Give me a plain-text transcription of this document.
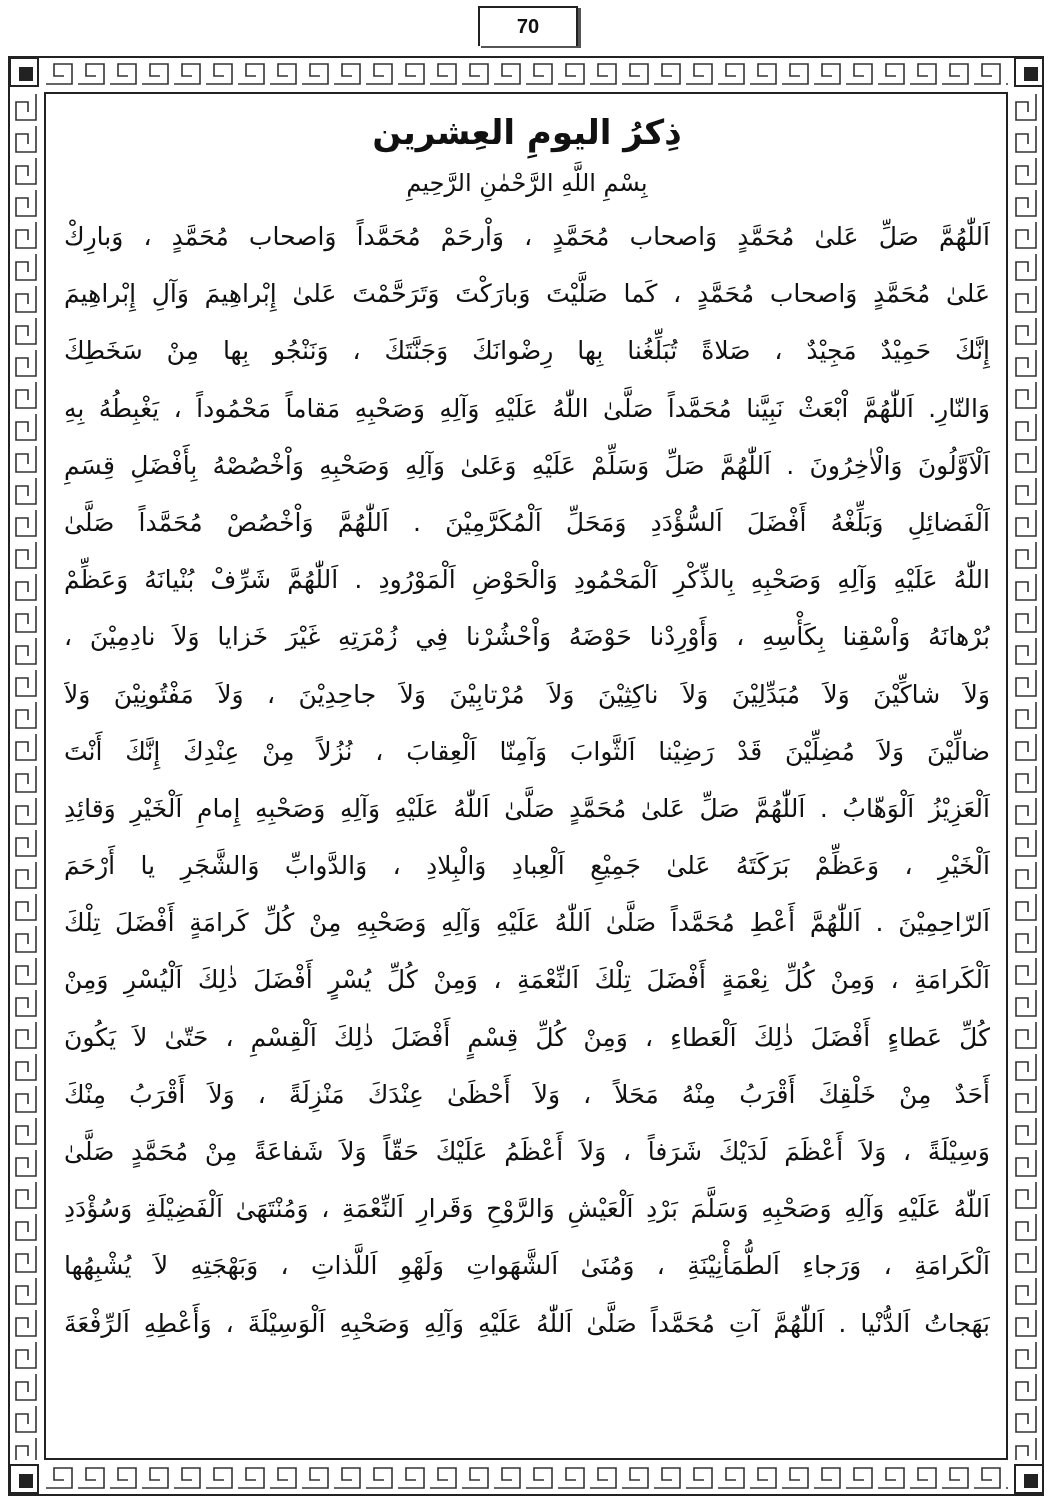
70
ذِكرُ اليومِ العِشرين
بِسْمِ اللَّهِ الرَّحْمٰنِ الرَّحِيمِ
اَللّٰهُمَّ صَلِّ عَلىٰ مُحَمَّدٍ وَاصحاب مُحَمَّدٍ ، وَاْرحَمْ مُحَمَّداً وَاصحاب مُحَمَّدٍ ، وَبارِكْ
عَلىٰ مُحَمَّدٍ وَاصحاب مُحَمَّدٍ ، كَما صَلَّيْتَ وَبارَكْتَ وَتَرَحَّمْتَ عَلىٰ إِبْراهِيمَ وَآلِ إِبْراهِيمَ
إِنَّكَ حَمِيْدٌ مَجِيْدٌ ، صَلاةً تُبَلِّغُنا بِها رِضْوانَكَ وَجَنَّتَكَ ، وَنَنْجُو بِها مِنْ سَخَطِكَ
وَالنّارِ. اَللّٰهُمَّ اْبْعَثْ نَبِيَّنا مُحَمَّداً صَلَّىٰ اللّٰهُ عَلَيْهِ وَآلِهِ وَصَحْبِهِ مَقاماً مَحْمُوداً ، يَغْبِطُهُ بِهِ
اَلْاَوَّلُونَ وَالْاٰخِرُونَ . اَللّٰهُمَّ صَلِّ وَسَلِّمْ عَلَيْهِ وَعَلىٰ وَآلِهِ وَصَحْبِهِ وَاْخْصُصْهُ بِأَفْضَلِ قِسَمِ
اَلْفَضائِلِ وَبَلِّغْهُ أَفْضَلَ اَلسُّؤْدَدِ وَمَحَلِّ اَلْمُكَرَّمِيْنَ . اَللّٰهُمَّ وَاْخْصُصْ مُحَمَّداً صَلَّىٰ
اللّٰهُ عَلَيْهِ وَآلِهِ وَصَحْبِهِ بِالذِّكْرِ اَلْمَحْمُودِ وَالْحَوْضِ اَلْمَوْرُودِ . اَللّٰهُمَّ شَرِّفْ بُنْيانَهُ وَعَظِّمْ
بُرْهانَهُ وَاْسْقِنا بِكَأْسِهِ ، وَأَوْرِدْنا حَوْضَهُ وَاْحْشُرْنا فِي زُمْرَتِهِ غَيْرَ خَزايا وَلاَ نادِمِيْنَ ،
وَلاَ شاكِّيْنَ وَلاَ مُبَدِّلِيْنَ وَلاَ ناكِثِيْنَ وَلاَ مُرْتابِيْنَ وَلاَ جاحِدِيْنَ ، وَلاَ مَفْتُونِيْنَ وَلاَ
ضالِّيْنَ وَلاَ مُضِلِّيْنَ قَدْ رَضِيْنا اَلثَّوابَ وَآمِنّا اَلْعِقابَ ، نُزُلاً مِنْ عِنْدِكَ إِنَّكَ أَنْتَ
اَلْعَزِيْزُ اَلْوَهّابُ . اَللّٰهُمَّ صَلِّ عَلىٰ مُحَمَّدٍ صَلَّىٰ اَللّٰهُ عَلَيْهِ وَآلِهِ وَصَحْبِهِ إِمامِ اَلْخَيْرِ وَقائِدِ
اَلْخَيْرِ ، وَعَظِّمْ بَرَكَتَهُ عَلىٰ جَمِيْعِ اَلْعِبادِ وَالْبِلادِ ، وَالدَّوابِّ وَالشَّجَرِ يا أَرْحَمَ
اَلرّاحِمِيْنَ . اَللّٰهُمَّ أَعْطِ مُحَمَّداً صَلَّىٰ اَللّٰهُ عَلَيْهِ وَآلِهِ وَصَحْبِهِ مِنْ كُلِّ كَرامَةٍ أَفْضَلَ تِلْكَ
اَلْكَرامَةِ ، وَمِنْ كُلِّ نِعْمَةٍ أَفْضَلَ تِلْكَ اَلنِّعْمَةِ ، وَمِنْ كُلِّ يُسْرٍ أَفْضَلَ ذٰلِكَ اَلْيُسْرِ وَمِنْ
كُلِّ عَطاءٍ أَفْضَلَ ذٰلِكَ اَلْعَطاءِ ، وَمِنْ كُلِّ قِسْمٍ أَفْضَلَ ذٰلِكَ اَلْقِسْمِ ، حَتّىٰ لاَ يَكُونَ
أَحَدٌ مِنْ خَلْقِكَ أَقْرَبُ مِنْهُ مَحَلاً ، وَلاَ أَحْظَىٰ عِنْدَكَ مَنْزِلَةً ، وَلاَ أَقْرَبُ مِنْكَ
وَسِيْلَةً ، وَلاَ أَعْظَمَ لَدَيْكَ شَرَفاً ، وَلاَ أَعْظَمُ عَلَيْكَ حَقّاً وَلاَ شَفاعَةً مِنْ مُحَمَّدٍ صَلَّىٰ
اَللّٰهُ عَلَيْهِ وَآلِهِ وَصَحْبِهِ وَسَلَّمَ بَرْدِ اَلْعَيْشِ وَالرَّوْحِ وَقَرارِ اَلنِّعْمَةِ ، وَمُنْتَهَىٰ اَلْفَضِيْلَةِ وَسُؤْدَدِ
اَلْكَرامَةِ ، وَرَجاءِ اَلطُّمَأْنِيْنَةِ ، وَمُنَىٰ اَلشَّهَواتِ وَلَهْوِ اَللَّذاتِ ، وَبَهْجَتِهِ لاَ يُشْبِهُها
بَهَجاتُ اَلدُّنْيا . اَللّٰهُمَّ آتِ مُحَمَّداً صَلَّىٰ اَللّٰهُ عَلَيْهِ وَآلِهِ وَصَحْبِهِ اَلْوَسِيْلَةَ ، وَأَعْطِهِ اَلرِّفْعَةَ
